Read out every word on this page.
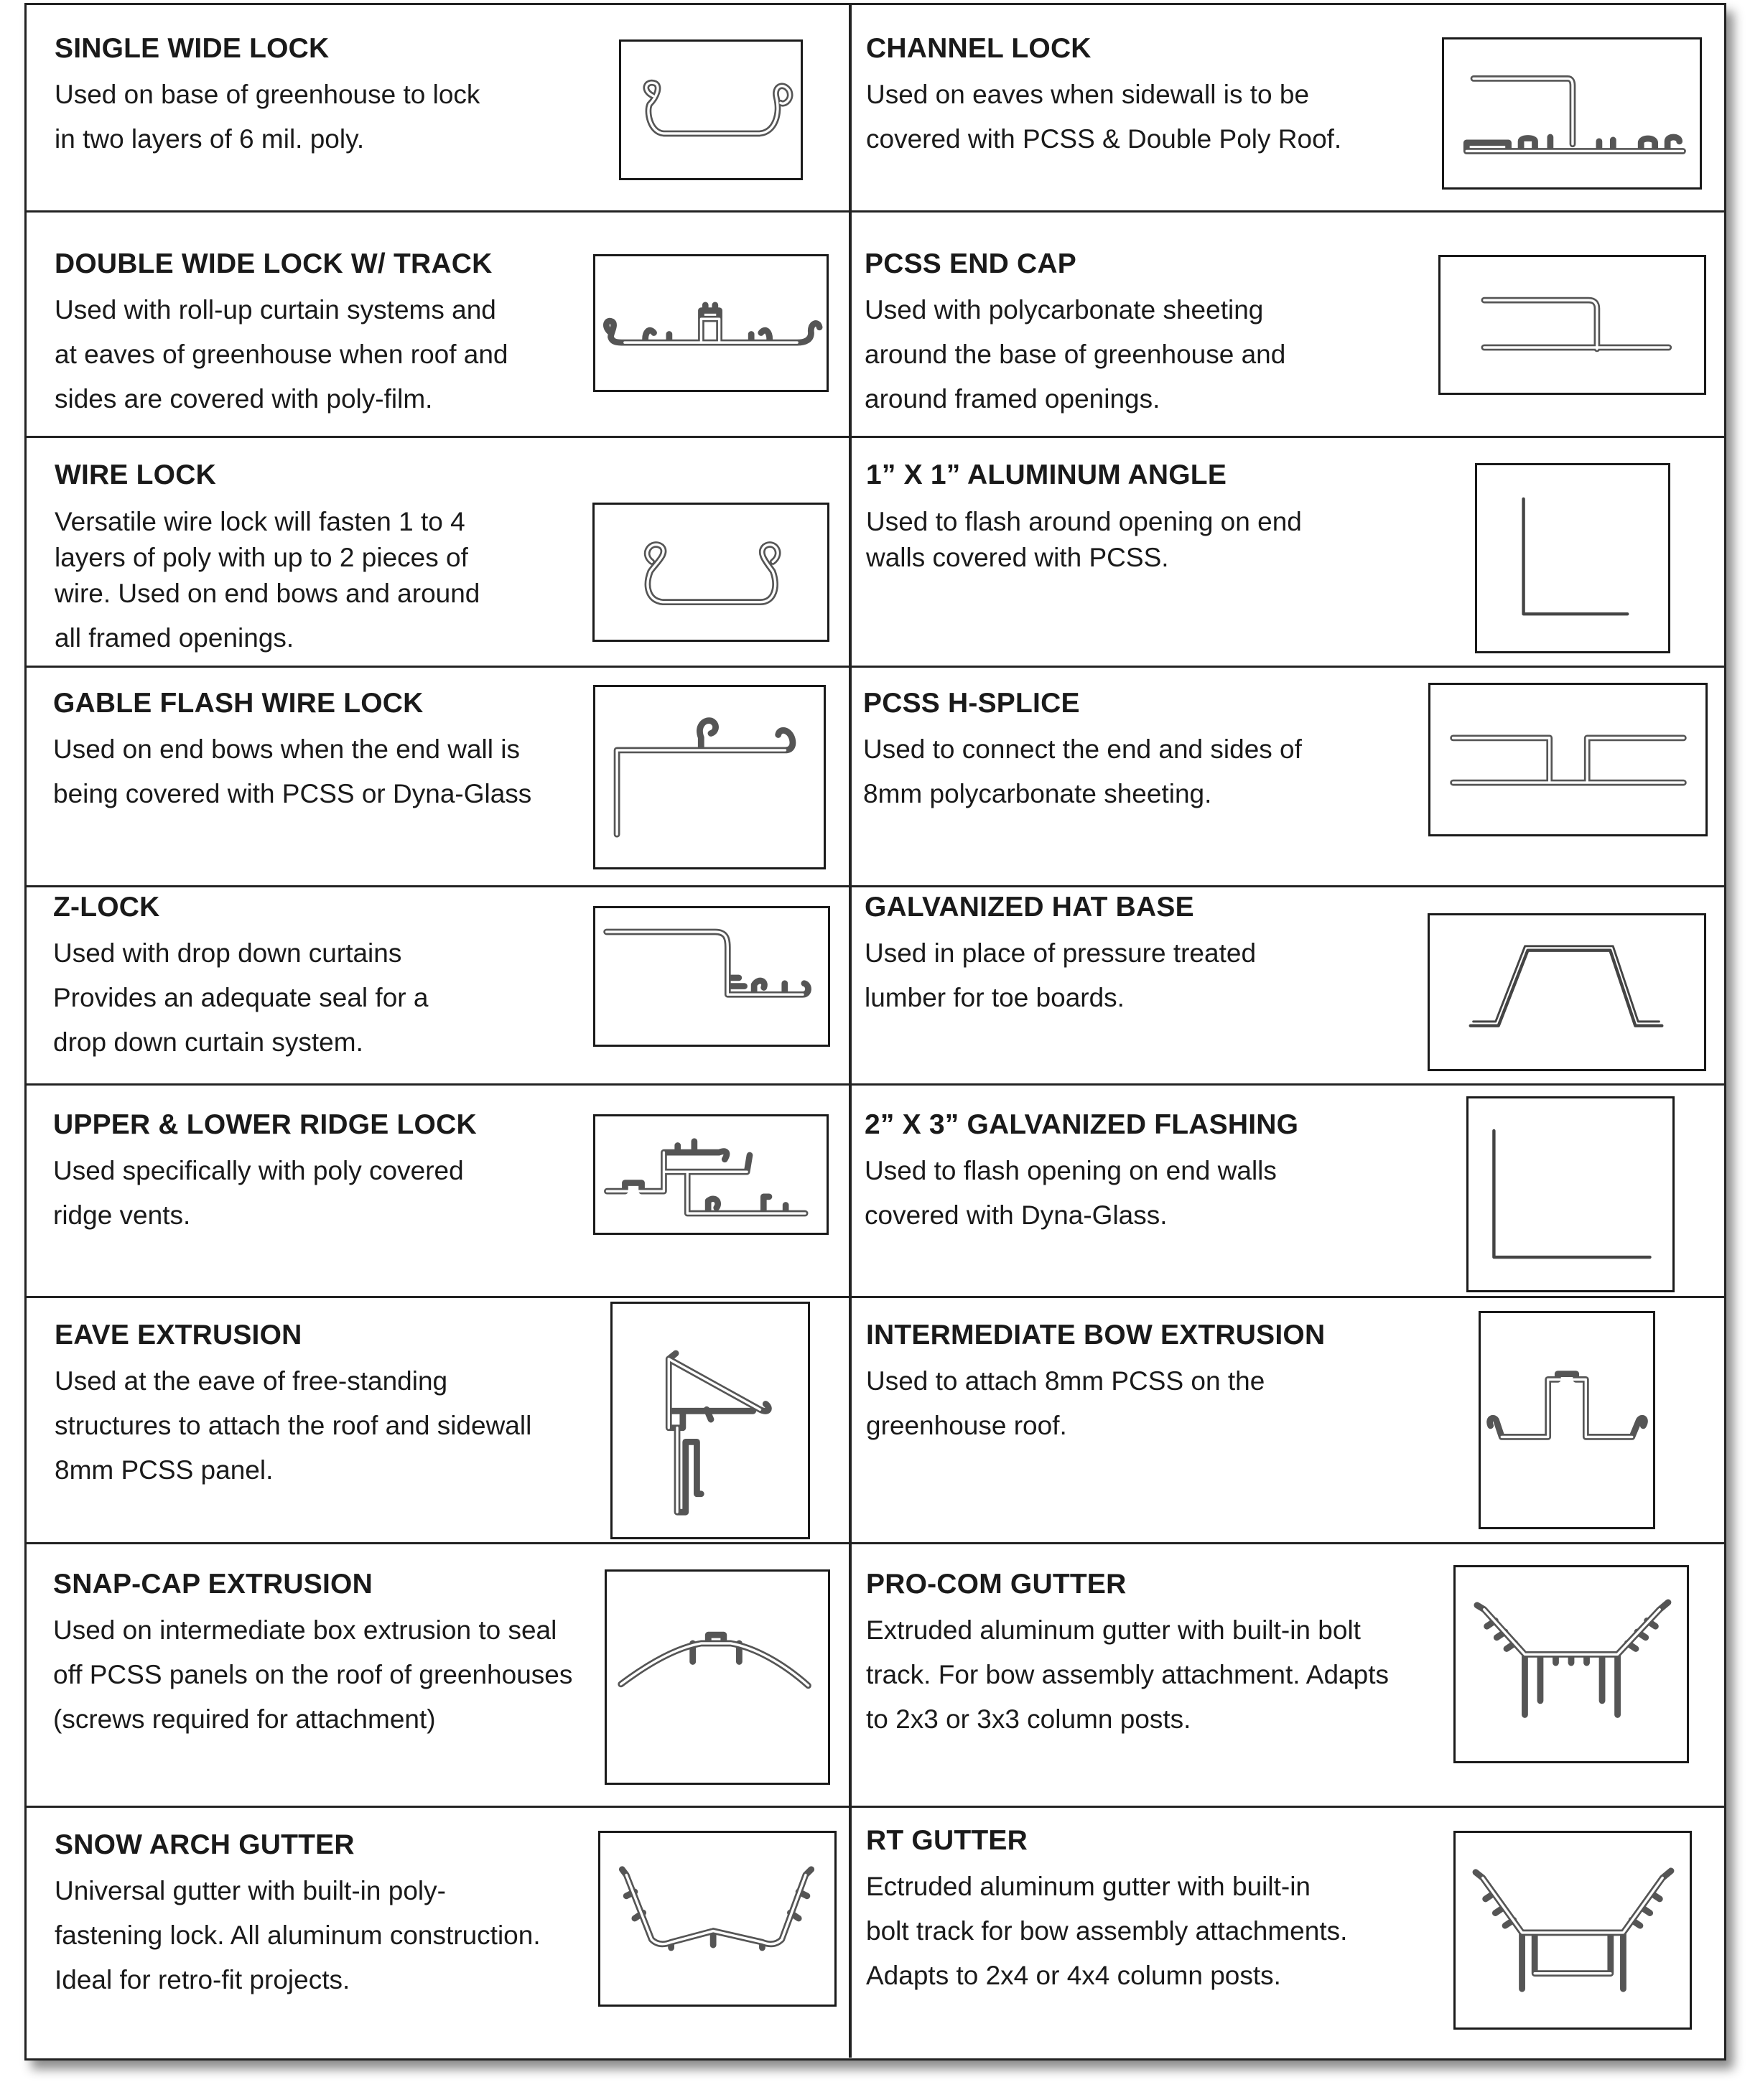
SINGLE WIDE LOCK
Used on base of greenhouse to lock
in two layers of 6 mil. poly.
CHANNEL LOCK
Used on eaves when sidewall is to be
covered with PCSS & Double Poly Roof.
DOUBLE WIDE LOCK W/ TRACK
Used with roll-up curtain systems and
at eaves of greenhouse when roof and
sides are covered with poly-film.
PCSS END CAP
Used with polycarbonate sheeting
around the base of greenhouse and
around framed openings.
WIRE LOCK
Versatile wire lock will fasten 1 to 4
layers of poly with up to 2 pieces of
wire. Used on end bows and around
all framed openings.
1” X 1” ALUMINUM ANGLE
Used to flash around opening on end
walls covered with PCSS.
GABLE FLASH WIRE LOCK
Used on end bows when the end wall is
being covered with PCSS or Dyna-Glass
PCSS H-SPLICE
Used to connect the end and sides of
8mm polycarbonate sheeting.
Z-LOCK
Used with drop down curtains
Provides an adequate seal for a
drop down curtain system.
GALVANIZED HAT BASE
Used in place of pressure treated
lumber for toe boards.
UPPER & LOWER RIDGE LOCK
Used specifically with poly covered
ridge vents.
2” X 3” GALVANIZED FLASHING
Used to flash opening on end walls
covered with Dyna-Glass.
EAVE EXTRUSION
Used at the eave of free-standing
structures to attach the roof and sidewall
8mm PCSS panel.
INTERMEDIATE BOW EXTRUSION
Used to attach 8mm PCSS on the
greenhouse roof.
SNAP-CAP EXTRUSION
Used on intermediate box extrusion to seal
off PCSS panels on the roof of greenhouses
(screws required for attachment)
PRO-COM GUTTER
Extruded aluminum gutter with built-in bolt
track. For bow assembly attachment. Adapts
to 2x3 or 3x3 column posts.
SNOW ARCH GUTTER
Universal gutter with built-in poly-
fastening lock. All aluminum construction.
Ideal for retro-fit projects.
RT GUTTER
Ectruded aluminum gutter with built-in
bolt track for bow assembly attachments.
Adapts to 2x4 or 4x4 column posts.
